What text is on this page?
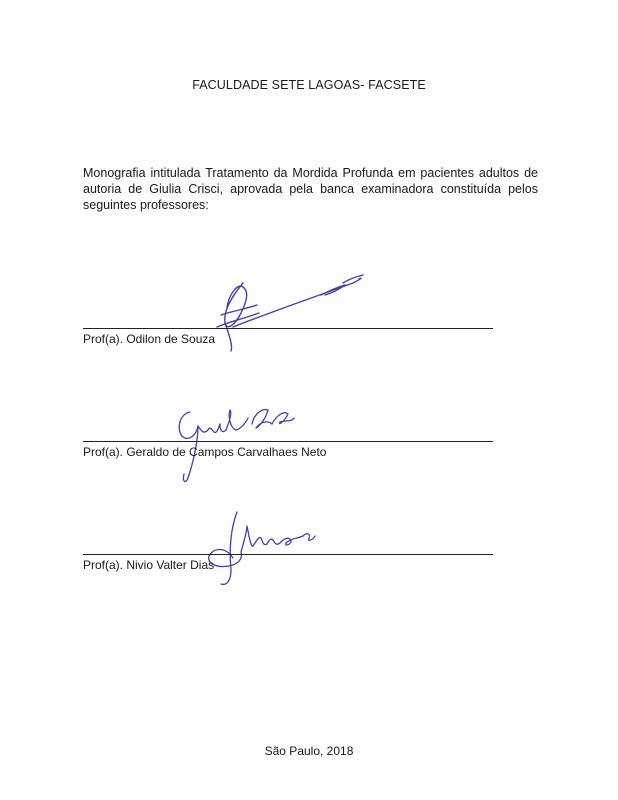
FACULDADE SETE LAGOAS- FACSETE
Monografia intitulada Tratamento da Mordida Profunda em pacientes adultos de autoria de Giulia Crisci, aprovada pela banca examinadora constituída pelos seguintes professores:
Prof(a). Odilon de Souza
Prof(a). Geraldo de Campos Carvalhaes Neto
Prof(a). Nivio Valter Dias
São Paulo, 2018
